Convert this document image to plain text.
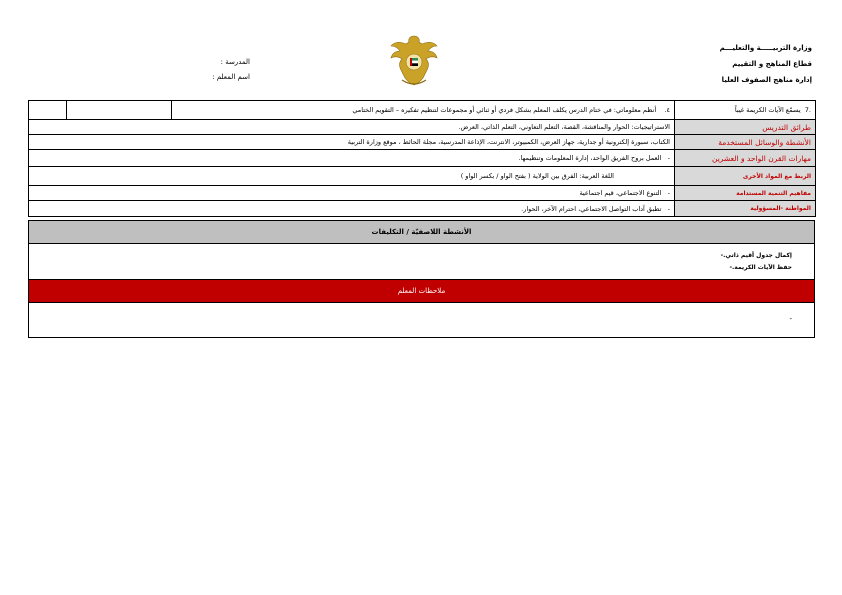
وزارة التربيـــــة والتعليـــم
قطاع المناهج و التقييم
إدارة مناهج الصفوف العليا
المدرسة :
اسم المعلم :
		٤.    أنظم معلوماتي: في ختام الدرس يكلف المعلم بشكل فردي أو ثنائي أو مجموعات لتنظيم تفكيره – التقويم الختامي	.7  يسمّع الآيات الكريمة غيباً
الاستراتيجيات: الحوار والمناقشة، القصة، التعلم التعاوني، التعلم الذاتي، العرض.			طرائق التدريس
الكتاب، سبورة إلكترونية أو جدارية، جهاز العرض، الكمبيوتر، الانترنت، الإذاعة المدرسية، مجلة الحائط ، موقع وزارة التربية			الأنشطة والوسائل المستخدمة
-   العمل بروح الفريق الواحد، إدارة المعلومات وتنظيمها.			مهارات القرن الواحد و العشرين
اللغة العربية: الفرق بين الولاية ( بفتح الواو / بكسر الواو )			الربط مع المواد الأخرى
-   التنوع الاجتماعي، قيم اجتماعية			مفاهيم التنمية المستدامة
-   تطبق آداب التواصل الاجتماعي، احترام الآخر، الحوار.			المواطنة -المسؤولية
الأنشطة اللاصفيّة / التكليفات
إكمال جدول أقيم ذاتي.-
حفظ الآيات الكريمة.-
ملاحظات المعلم
-
